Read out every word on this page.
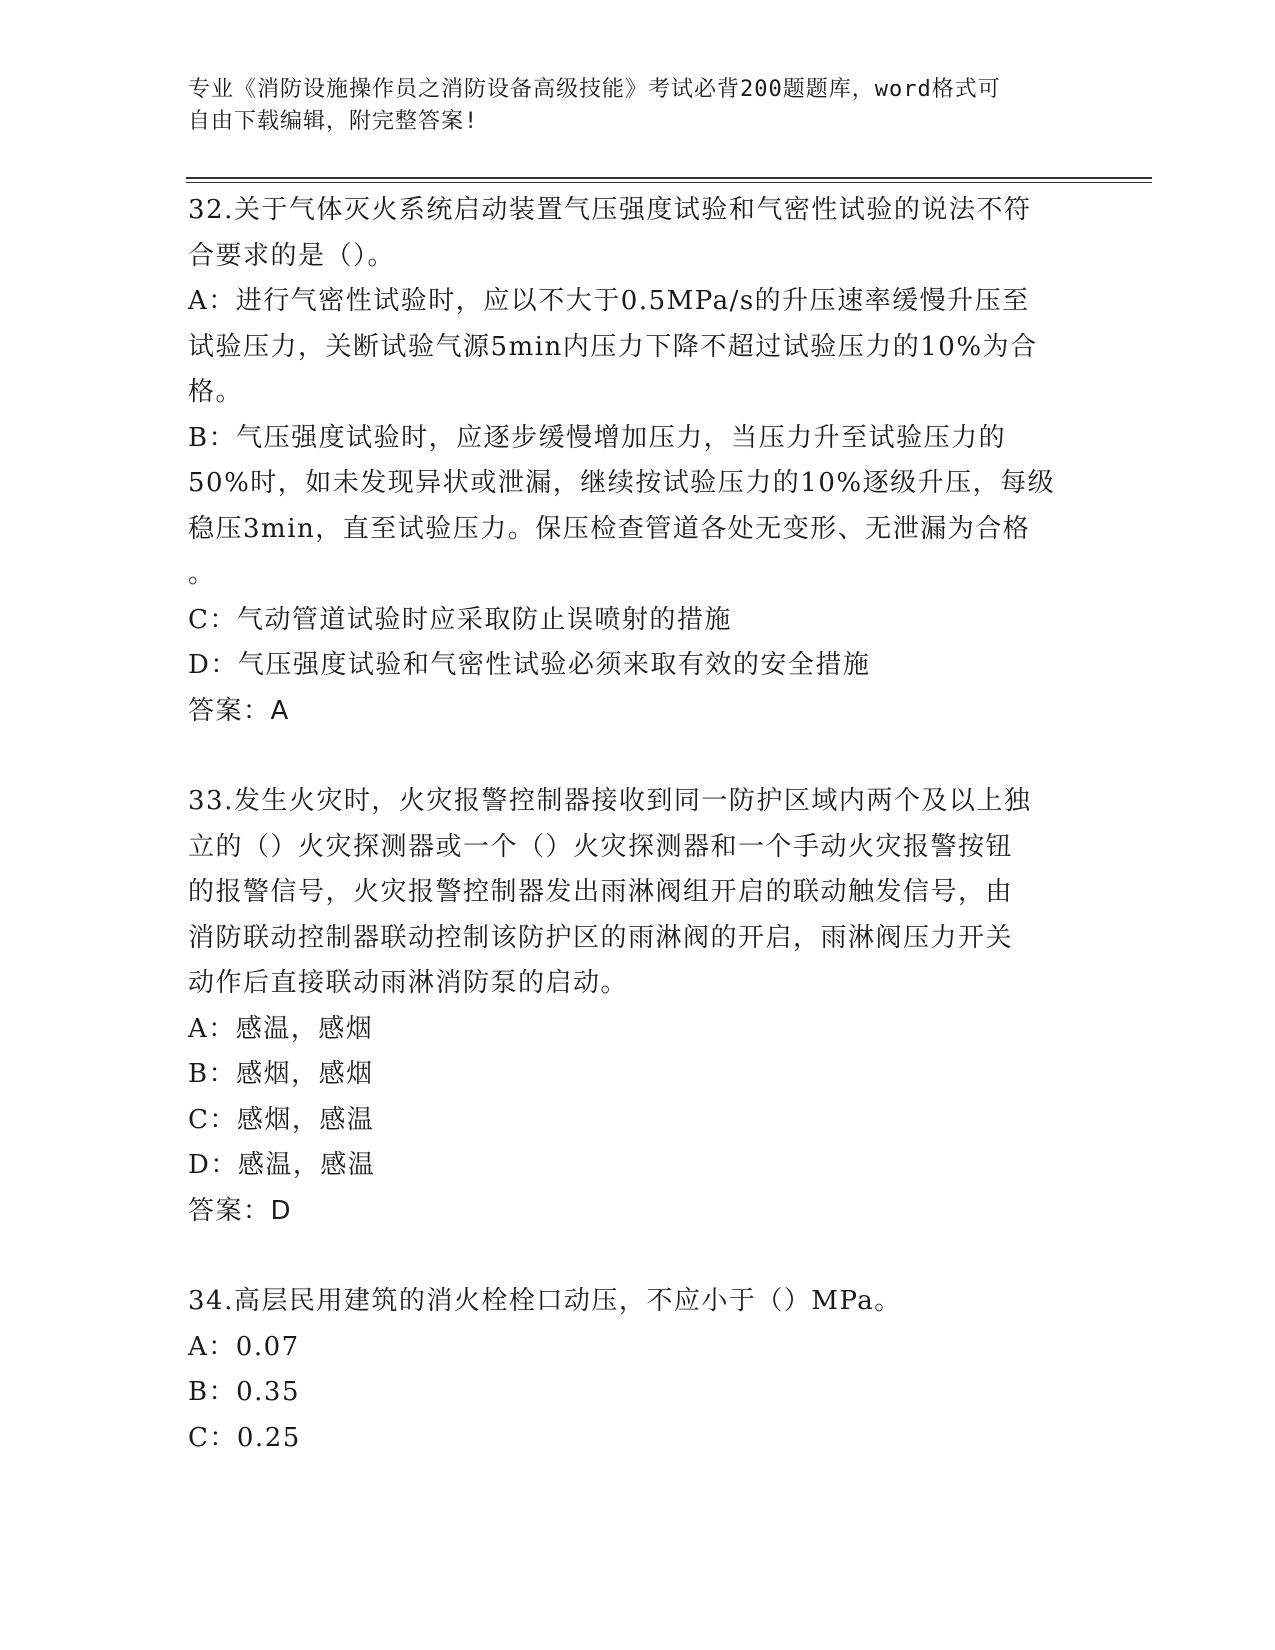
专业《消防设施操作员之消防设备高级技能》考试必背200题题库，word格式可
自由下载编辑，附完整答案!
32.关于气体灭火系统启动装置气压强度试验和气密性试验的说法不符
合要求的是（）。
A：进行气密性试验时，应以不大于0.5MPa/s的升压速率缓慢升压至
试验压力，关断试验气源5min内压力下降不超过试验压力的10%为合
格。
B：气压强度试验时，应逐步缓慢增加压力，当压力升至试验压力的
50%时，如未发现异状或泄漏，继续按试验压力的10%逐级升压，每级
稳压3min，直至试验压力。保压检查管道各处无变形、无泄漏为合格
。
C：气动管道试验时应采取防止误喷射的措施
D：气压强度试验和气密性试验必须来取有效的安全措施
答案：A
33.发生火灾时，火灾报警控制器接收到同一防护区域内两个及以上独
立的（）火灾探测器或一个（）火灾探测器和一个手动火灾报警按钮
的报警信号，火灾报警控制器发出雨淋阀组开启的联动触发信号，由
消防联动控制器联动控制该防护区的雨淋阀的开启，雨淋阀压力开关
动作后直接联动雨淋消防泵的启动。
A：感温，感烟
B：感烟，感烟
C：感烟，感温
D：感温，感温
答案：D
34.高层民用建筑的消火栓栓口动压，不应小于（）MPa。
A：0.07
B：0.35
C：0.25
